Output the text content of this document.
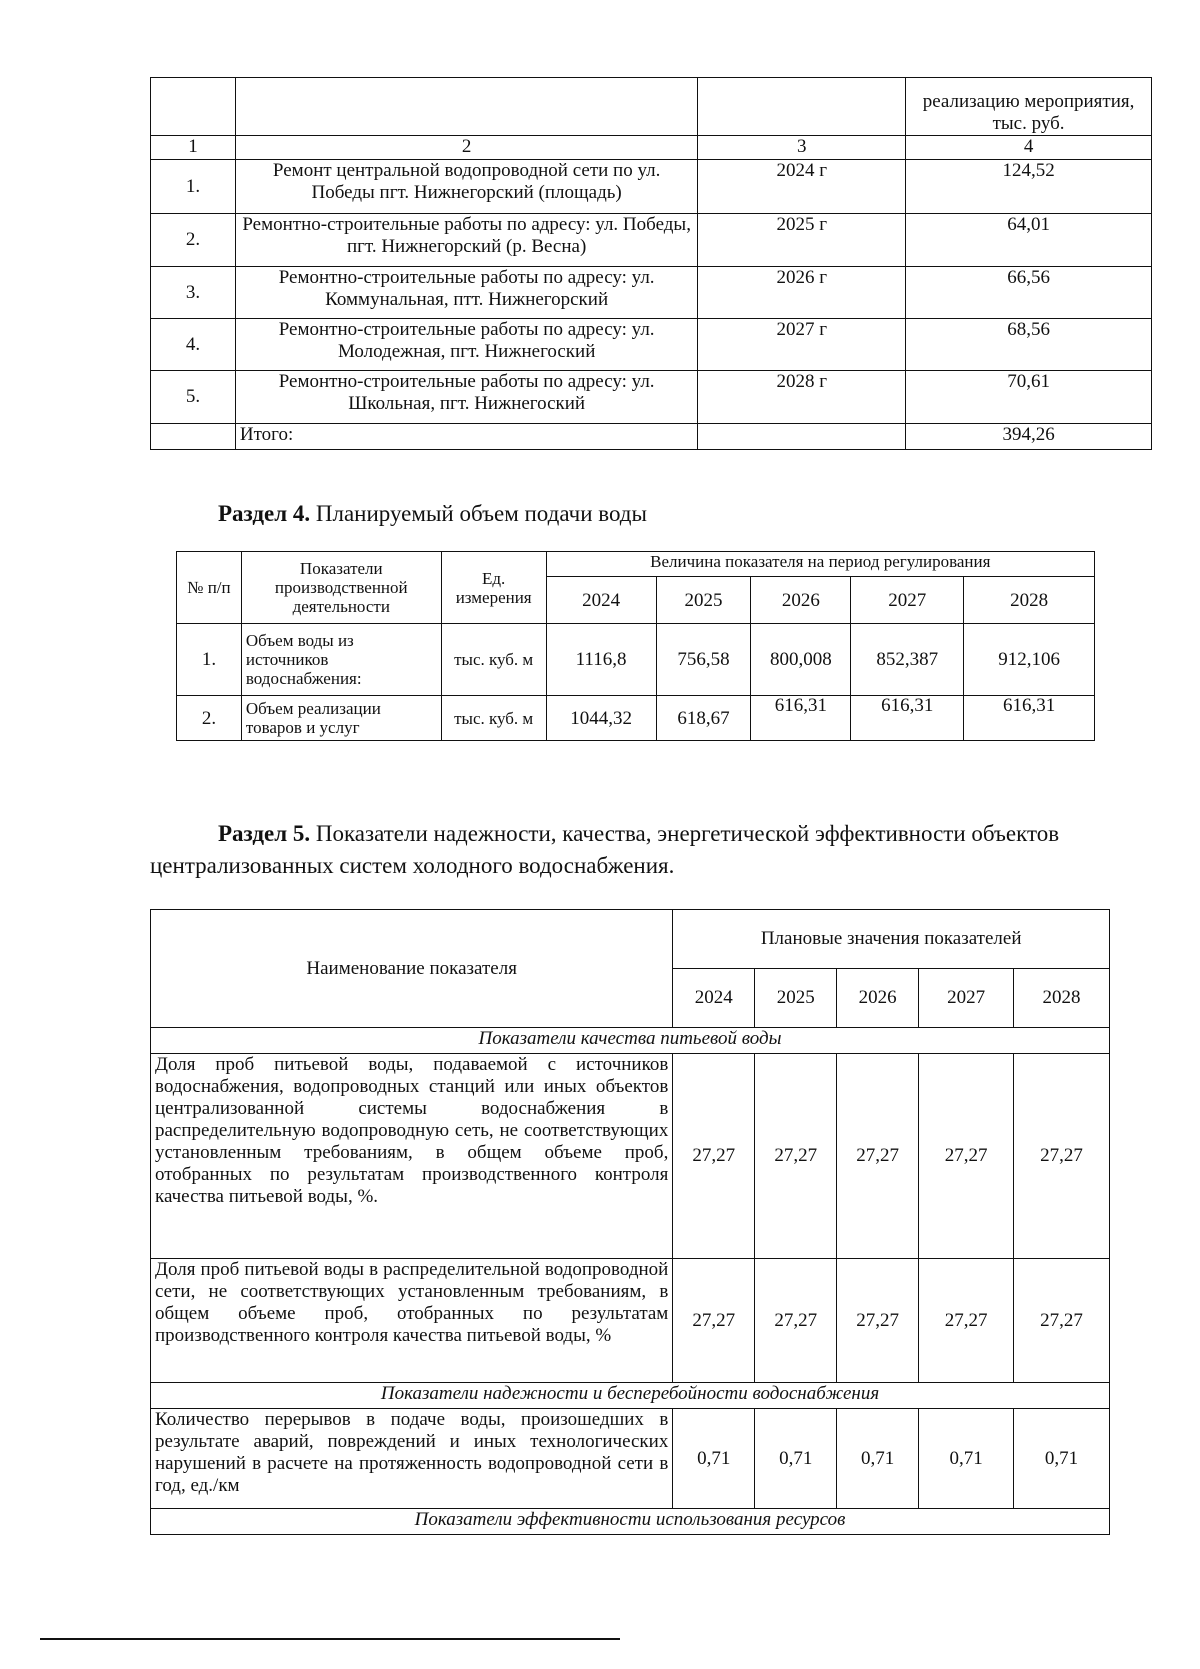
			реализацию мероприятия, тыс. руб.
1	2	3	4
1.	Ремонт центральной водопроводной сети по ул. Победы пгт. Нижнегорский (площадь)	2024 г	124,52
2.	Ремонтно-строительные работы по адресу: ул. Победы, пгт. Нижнегорский (р. Весна)	2025 г	64,01
3.	Ремонтно-строительные работы по адресу: ул. Коммунальная, птт. Нижнегорский	2026 г	66,56
4.	Ремонтно-строительные работы по адресу: ул. Молодежная, пгт. Нижнегоский	2027 г	68,56
5.	Ремонтно-строительные работы по адресу: ул. Школьная, пгт. Нижнегоский	2028 г	70,61
	Итого:		394,26

Раздел 4. Планируемый объем подачи воды

№ п/п	Показатели производственной деятельности	Ед. измерения	Величина показателя на период регулирования				
			2024	2025	2026	2027	2028
1.	Объем воды из источников водоснабжения:	тыс. куб. м	1116,8	756,58	800,008	852,387	912,106
2.	Объем реализации товаров и услуг	тыс. куб. м	1044,32	618,67	616,31	616,31	616,31

Раздел 5. Показатели надежности, качества, энергетической эффективности объектов централизованных систем холодного водоснабжения.

Наименование показателя	Плановые значения показателей				
	2024	2025	2026	2027	2028
Показатели качества питьевой воды					
Доля проб питьевой воды, подаваемой с источников водоснабжения, водопроводных станций или иных объектов централизованной системы водоснабжения в распределительную водопроводную сеть, не соответствующих установленным требованиям, в общем объеме проб, отобранных по результатам производственного контроля качества питьевой воды, %.	27,27	27,27	27,27	27,27	27,27
Доля проб питьевой воды в распределительной водопроводной сети, не соответствующих установленным требованиям, в общем объеме проб, отобранных по результатам производственного контроля качества питьевой воды, %	27,27	27,27	27,27	27,27	27,27
Показатели надежности и бесперебойности водоснабжения					
Количество перерывов в подаче воды, произошедших в результате аварий, повреждений и иных технологических нарушений в расчете на протяженность водопроводной сети в год, ед./км	0,71	0,71	0,71	0,71	0,71
Показатели эффективности использования ресурсов					
